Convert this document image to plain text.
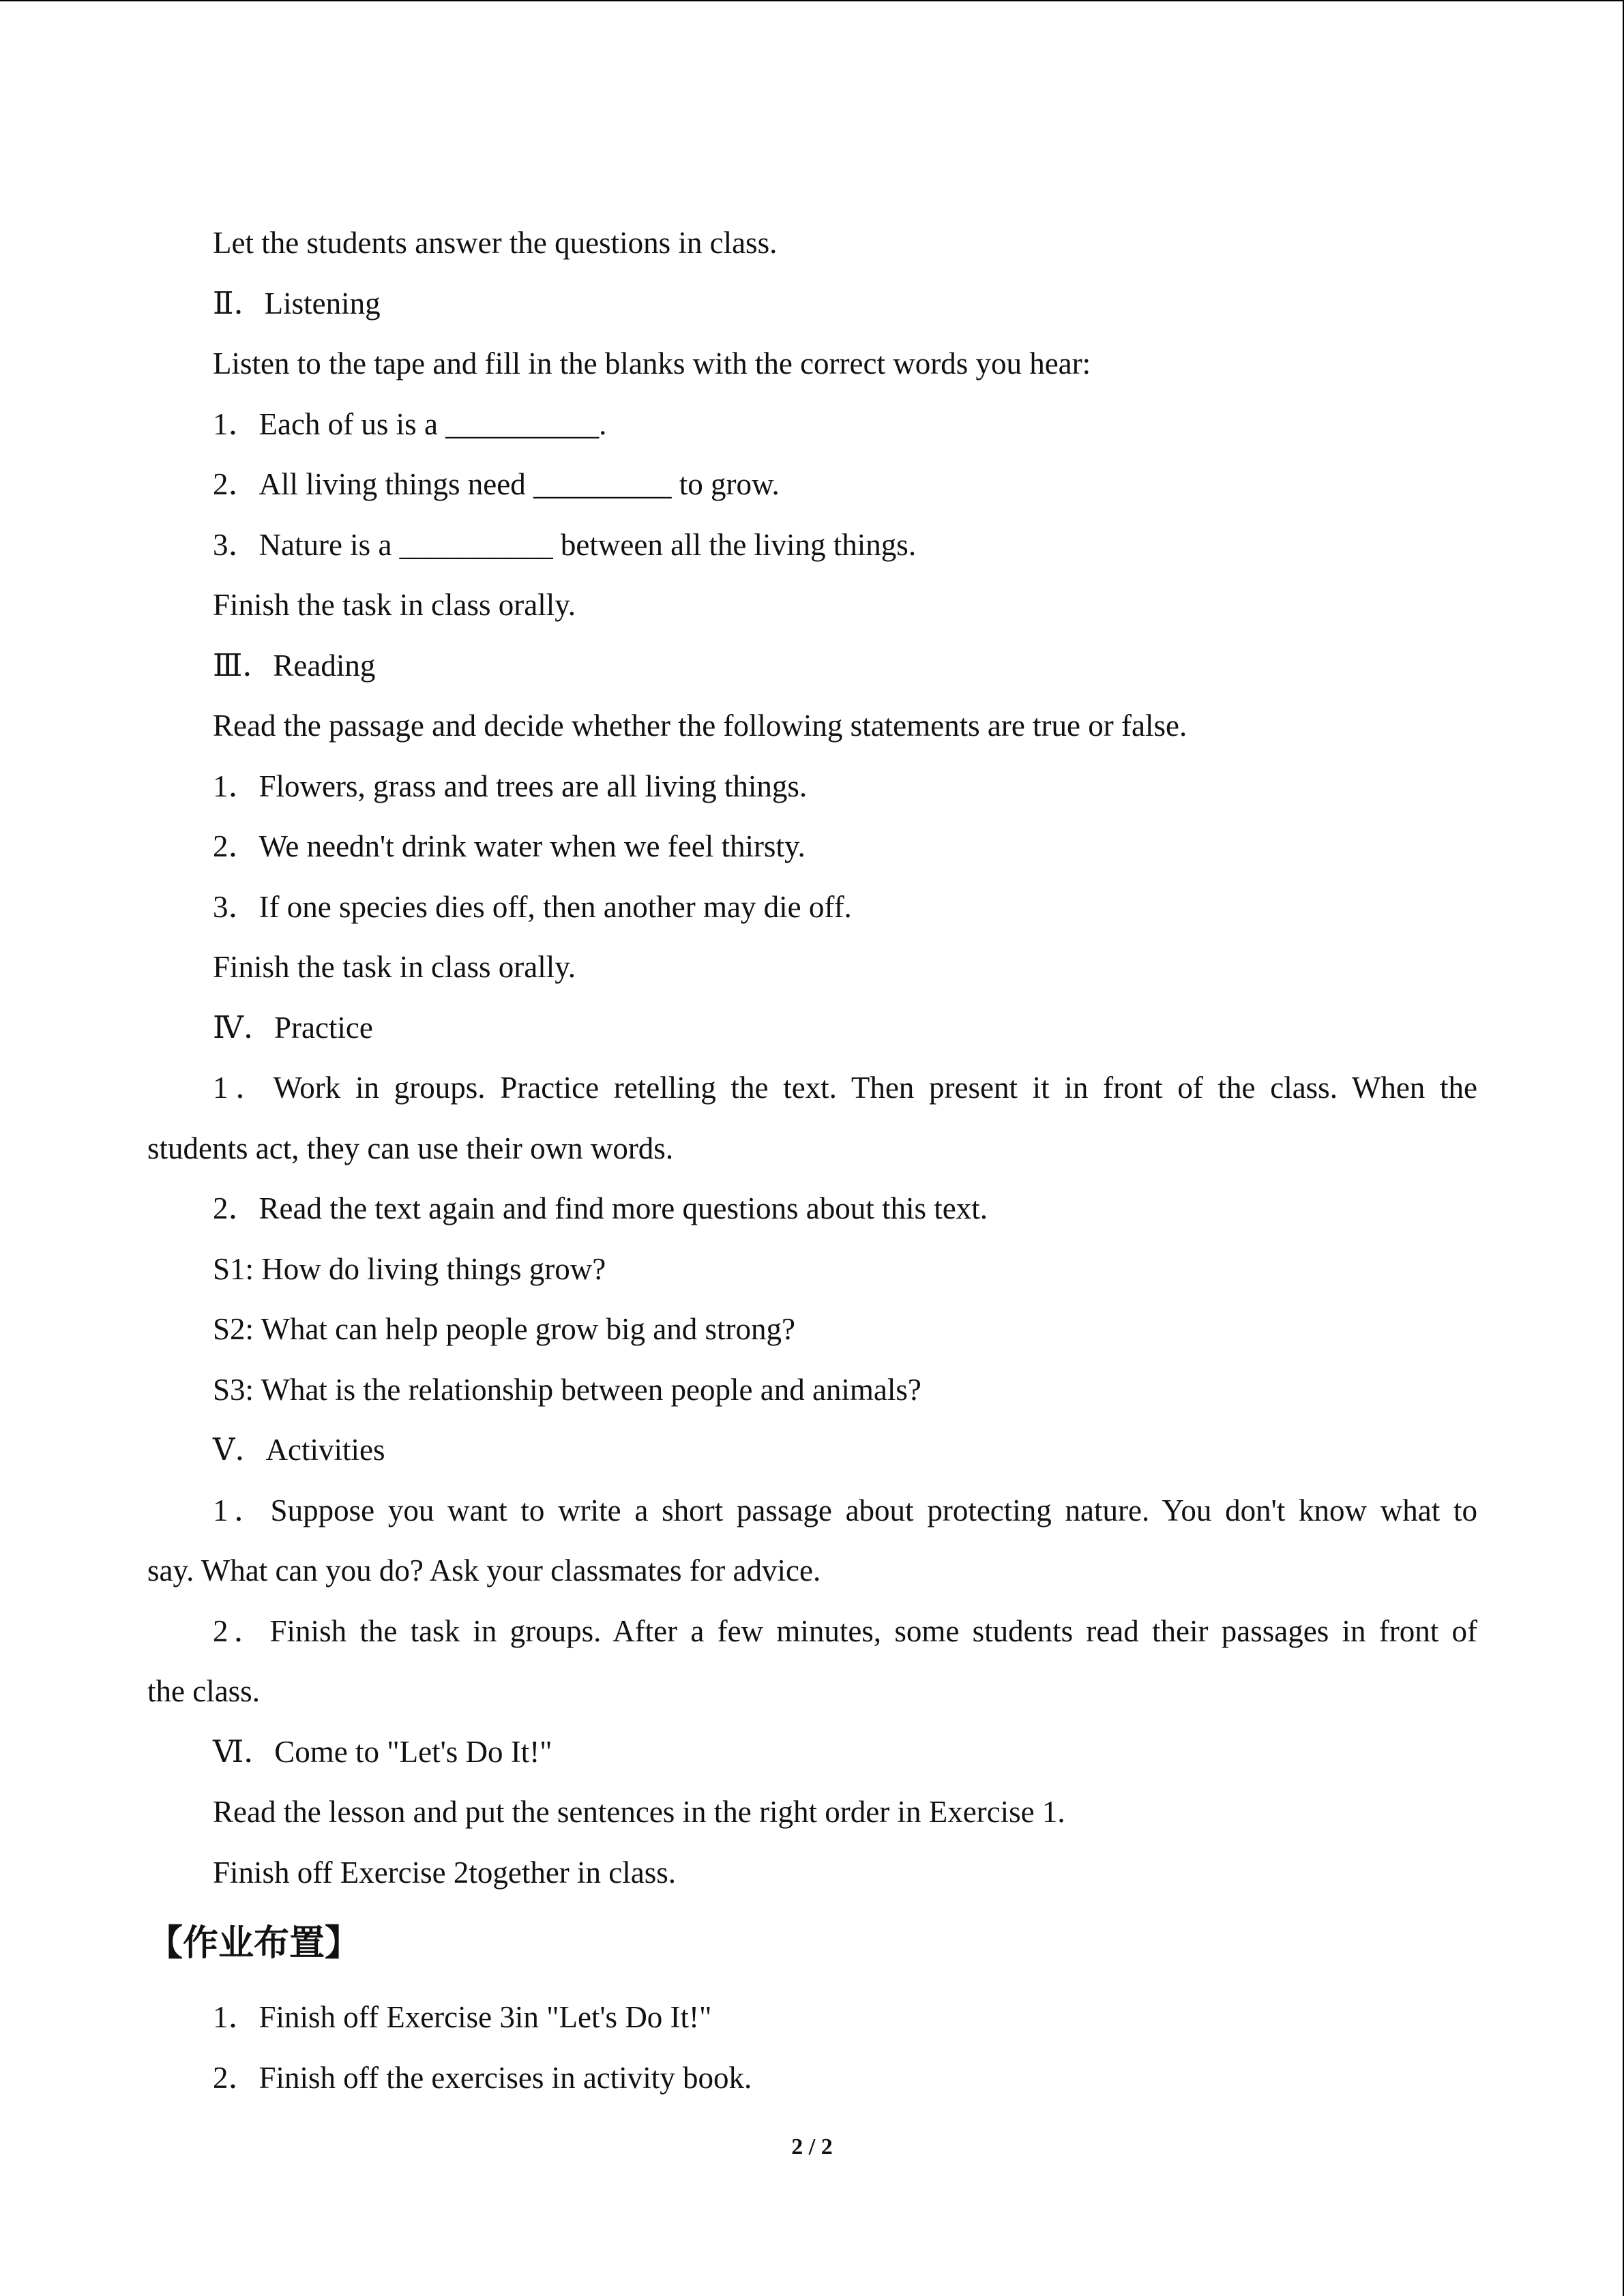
Let the students answer the questions in class.

Ⅱ．Listening

Listen to the tape and fill in the blanks with the correct words you hear:

1．Each of us is a __________.

2．All living things need _________ to grow.

3．Nature is a __________ between all the living things.

Finish the task in class orally.

Ⅲ．Reading

Read the passage and decide whether the following statements are true or false.

1．Flowers, grass and trees are all living things.

2．We needn't drink water when we feel thirsty.

3．If one species dies off, then another may die off.

Finish the task in class orally.

Ⅳ．Practice

1．Work in groups. Practice retelling the text. Then present it in front of the class. When the
students act, they can use their own words.

2．Read the text again and find more questions about this text.

S1: How do living things grow?

S2: What can help people grow big and strong?

S3: What is the relationship between people and animals?

Ⅴ．Activities

1．Suppose you want to write a short passage about protecting nature. You don't know what to
say. What can you do? Ask your classmates for advice.
2．Finish the task in groups. After a few minutes, some students read their passages in front of
the class.

Ⅵ．Come to "Let's Do It!"

Read the lesson and put the sentences in the right order in Exercise 1.

Finish off Exercise 2together in class.

【作业布置】

1．Finish off Exercise 3in "Let's Do It!"

2．Finish off the exercises in activity book.

2 / 2
